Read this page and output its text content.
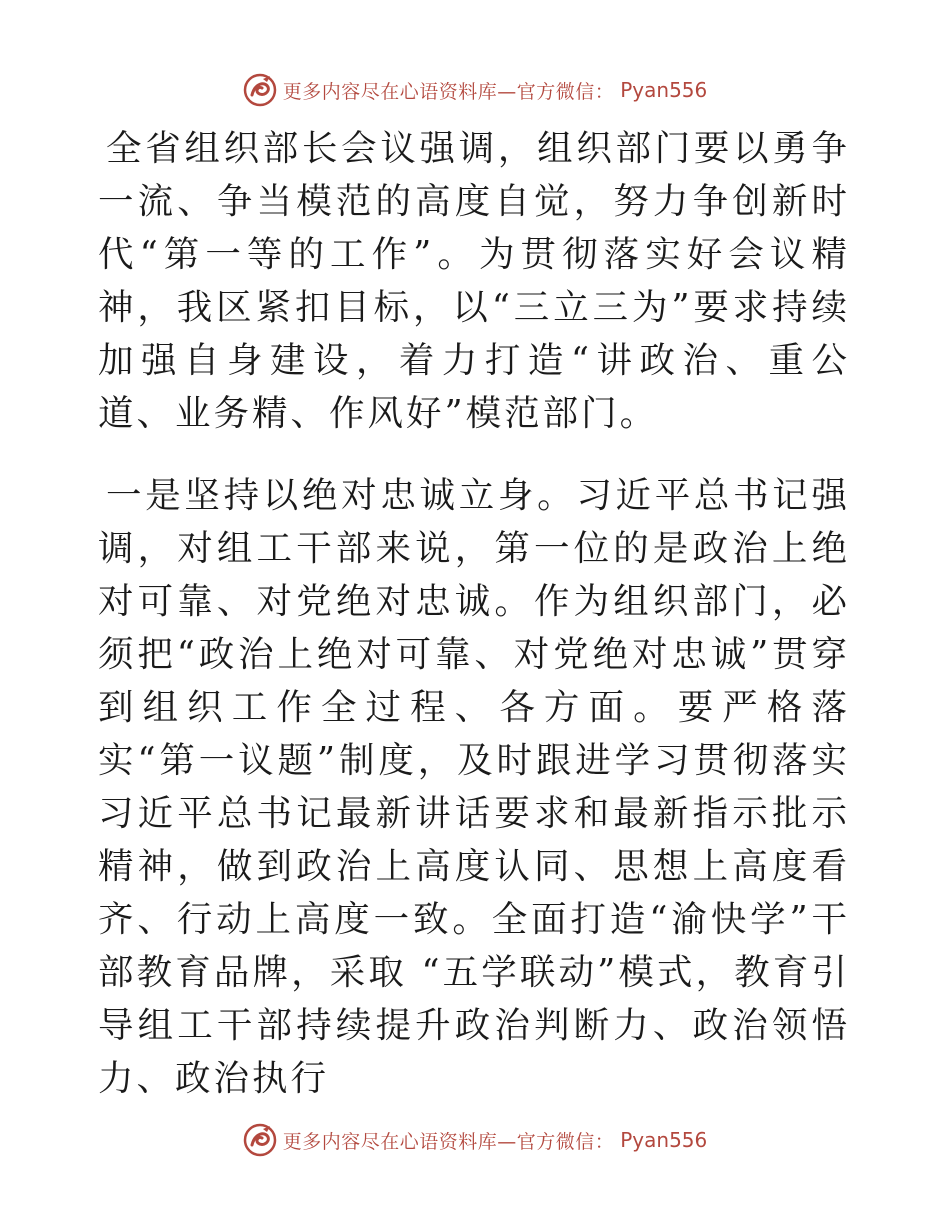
更多内容尽在心语资料库—官方微信： Pyan556

全省组织部长会议强调，组织部门要以勇争一流、争当模范的高度自觉，努力争创新时代“第一等的工作”。为贯彻落实好会议精神，我区紧扣目标，以“三立三为”要求持续加强自身建设，着力打造“讲政治、重公道、业务精、作风好”模范部门。

一是坚持以绝对忠诚立身。习近平总书记强调，对组工干部来说，第一位的是政治上绝对可靠、对党绝对忠诚。作为组织部门，必须把“政治上绝对可靠、对党绝对忠诚”贯穿到组织工作全过程、各方面。要严格落实“第一议题”制度，及时跟进学习贯彻落实习近平总书记最新讲话要求和最新指示批示精神，做到政治上高度认同、思想上高度看齐、行动上高度一致。全面打造“渝快学”干部教育品牌，采取 “五学联动”模式，教育引导组工干部持续提升政治判断力、政治领悟力、政治执行

更多内容尽在心语资料库—官方微信： Pyan556
